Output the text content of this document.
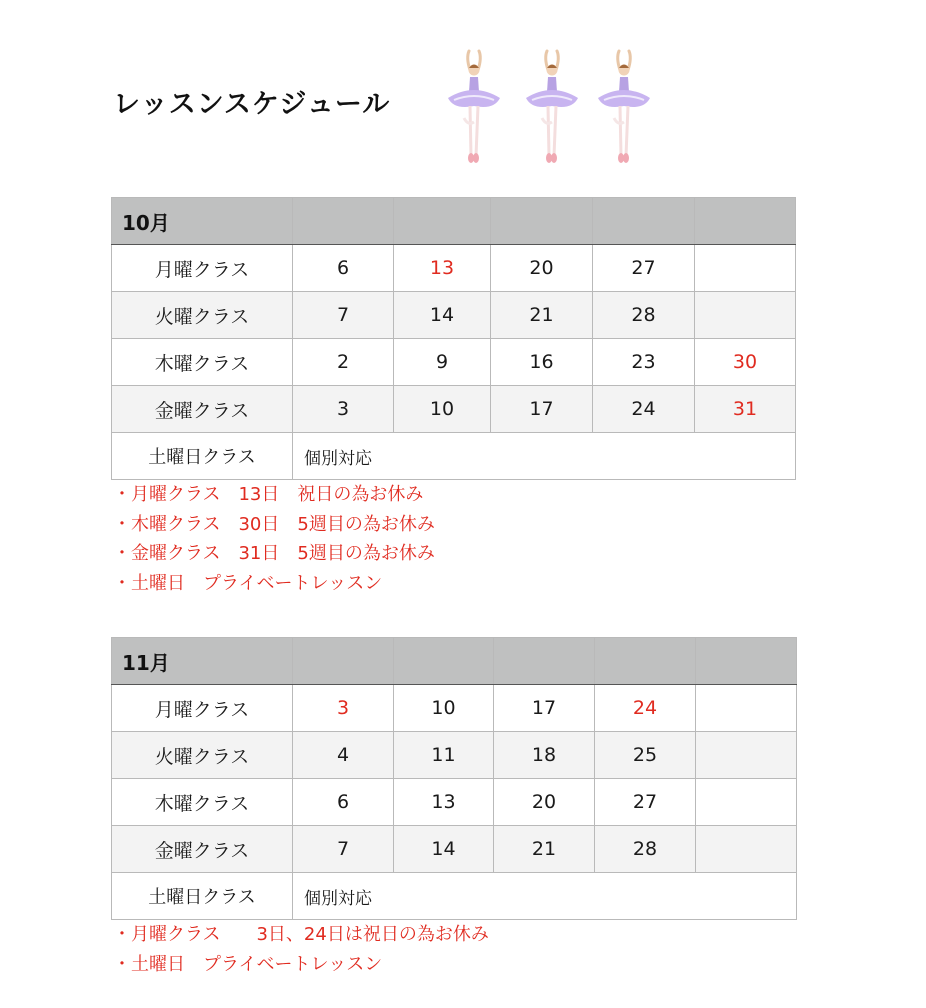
レッスンスケジュール
10月					
月曜クラス	6	13	20	27	
火曜クラス	7	14	21	28	
木曜クラス	2	9	16	23	30
金曜クラス	3	10	17	24	31
土曜日クラス	個別対応				
・月曜クラス　13日　祝日の為お休み
・木曜クラス　30日　5週目の為お休み
・金曜クラス　31日　5週目の為お休み
・土曜日　プライベートレッスン
11月					
月曜クラス	3	10	17	24	
火曜クラス	4	11	18	25	
木曜クラス	6	13	20	27	
金曜クラス	7	14	21	28	
土曜日クラス	個別対応				
・月曜クラス　　3日、24日は祝日の為お休み
・土曜日　プライベートレッスン
